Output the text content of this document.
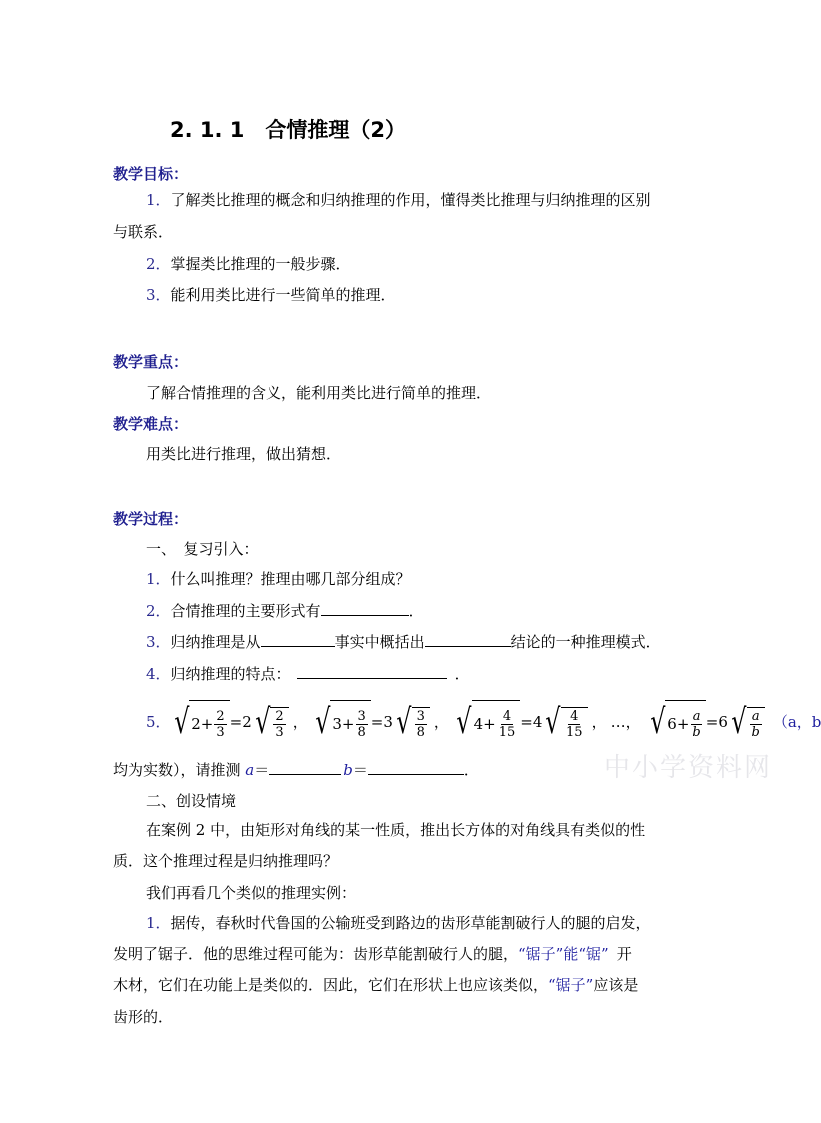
2. 1. 1　合情推理（2）
教学目标：
1．了解类比推理的概念和归纳推理的作用，懂得类比推理与归纳推理的区别
与联系．
2．掌握类比推理的一般步骤．
3．能利用类比进行一些简单的推理．
教学重点：
了解合情推理的含义，能利用类比进行简单的推理．
教学难点：
用类比进行推理，做出猜想．
教学过程：
一、　复习引入：
1．什么叫推理？推理由哪几部分组成？
2．合情推理的主要形式有	．
3．归纳推理是从	事实中概括出	结论的一种推理模式．
4．归纳推理的特点：	．
5． √ $2+ \frac{2}{3} = 2$ √ $\frac{2}{3}$ ， √ $3+ \frac{3}{8} = 3$ √ $\frac{3}{8}$ ， √ $4+ \frac{4}{15} = 4$ √ $\frac{4}{15}$ ， …， √ $6+ \frac{a}{b} = 6$ √ $\frac{a}{b} (a$，b
均为实数），请推测 a＝	b＝	．	中小学资料网
二、创设情境
在案例 2 中，由矩形对角线的某一性质，推出长方体的对角线具有类似的性
质．这个推理过程是归纳推理吗？
我们再看几个类似的推理实例：
1．据传，春秋时代鲁国的公输班受到路边的齿形草能割破行人的腿的启发，
发明了锯子．他的思维过程可能为：齿形草能割破行人的腿，“锯子”能“锯” 开
木材，它们在功能上是类似的．因此，它们在形状上也应该类似，“锯子”应该是
齿形的．
